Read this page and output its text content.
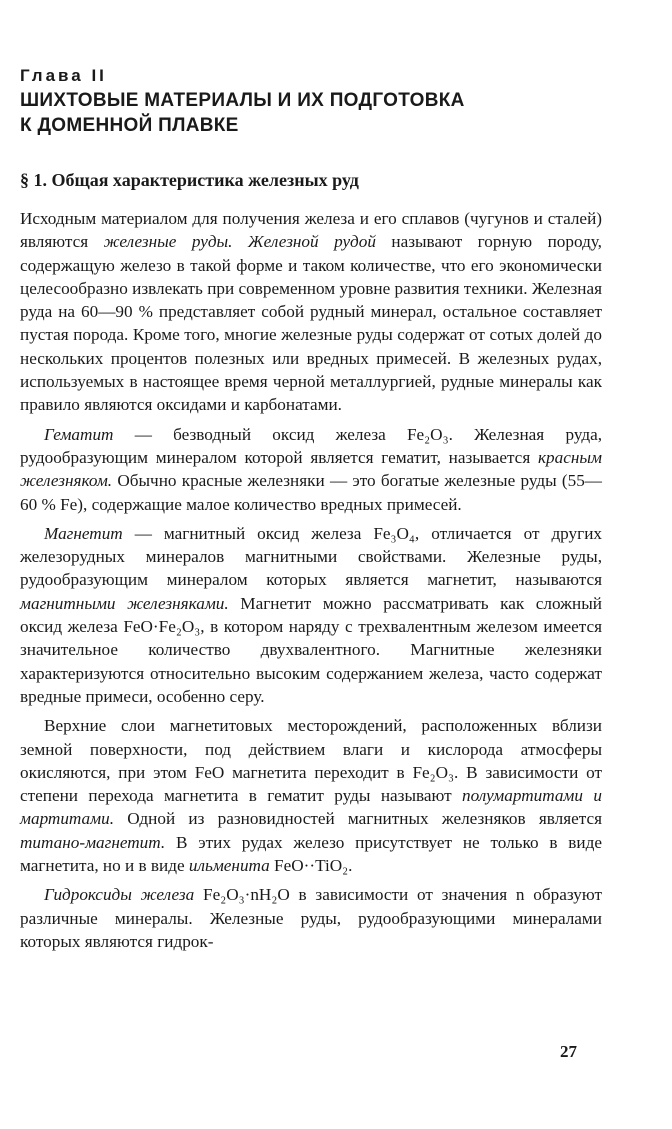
Глава II
ШИХТОВЫЕ МАТЕРИАЛЫ И ИХ ПОДГОТОВКА
К ДОМЕННОЙ ПЛАВКЕ
§ 1. Общая характеристика железных руд

Исходным материалом для получения железа и его сплавов (чугунов и сталей) являются железные руды. Железной рудой называют горную породу, содержащую железо в такой форме и таком количестве, что его экономически целесообразно извлекать при современном уровне развития техники. Железная руда на 60—90 % представляет собой рудный минерал, остальное составляет пустая порода. Кроме того, многие железные руды содержат от сотых долей до нескольких процентов полезных или вредных примесей. В железных рудах, используемых в настоящее время черной металлургией, рудные минералы как правило являются оксидами и карбонатами.

Гематит — безводный оксид железа Fe₂O₃. Железная руда, рудообразующим минералом которой является гематит, называется красным железняком. Обычно красные железняки — это богатые железные руды (55—60 % Fe), содержащие малое количество вредных примесей.

Магнетит — магнитный оксид железа Fe₃O₄, отличается от других железорудных минералов магнитными свойствами. Железные руды, рудообразующим минералом которых является магнетит, называются магнитными железняками. Магнетит можно рассматривать как сложный оксид железа FeO·Fe₂O₃, в котором наряду с трехвалентным железом имеется значительное количество двухвалентного. Магнитные железняки характеризуются относительно высоким содержанием железа, часто содержат вредные примеси, особенно серу.

Верхние слои магнетитовых месторождений, расположенных вблизи земной поверхности, под действием влаги и кислорода атмосферы окисляются, при этом FeO магнетита переходит в Fe₂O₃. В зависимости от степени перехода магнетита в гематит руды называют полумартитами и мартитами. Одной из разновидностей магнитных железняков является титано-магнетит. В этих рудах железо присутствует не только в виде магнетита, но и в виде ильменита FeO··TiO₂.

Гидроксиды железа Fe₂O₃·nH₂O в зависимости от значения n образуют различные минералы. Железные руды, рудообразующими минералами которых являются гидрок-

27
